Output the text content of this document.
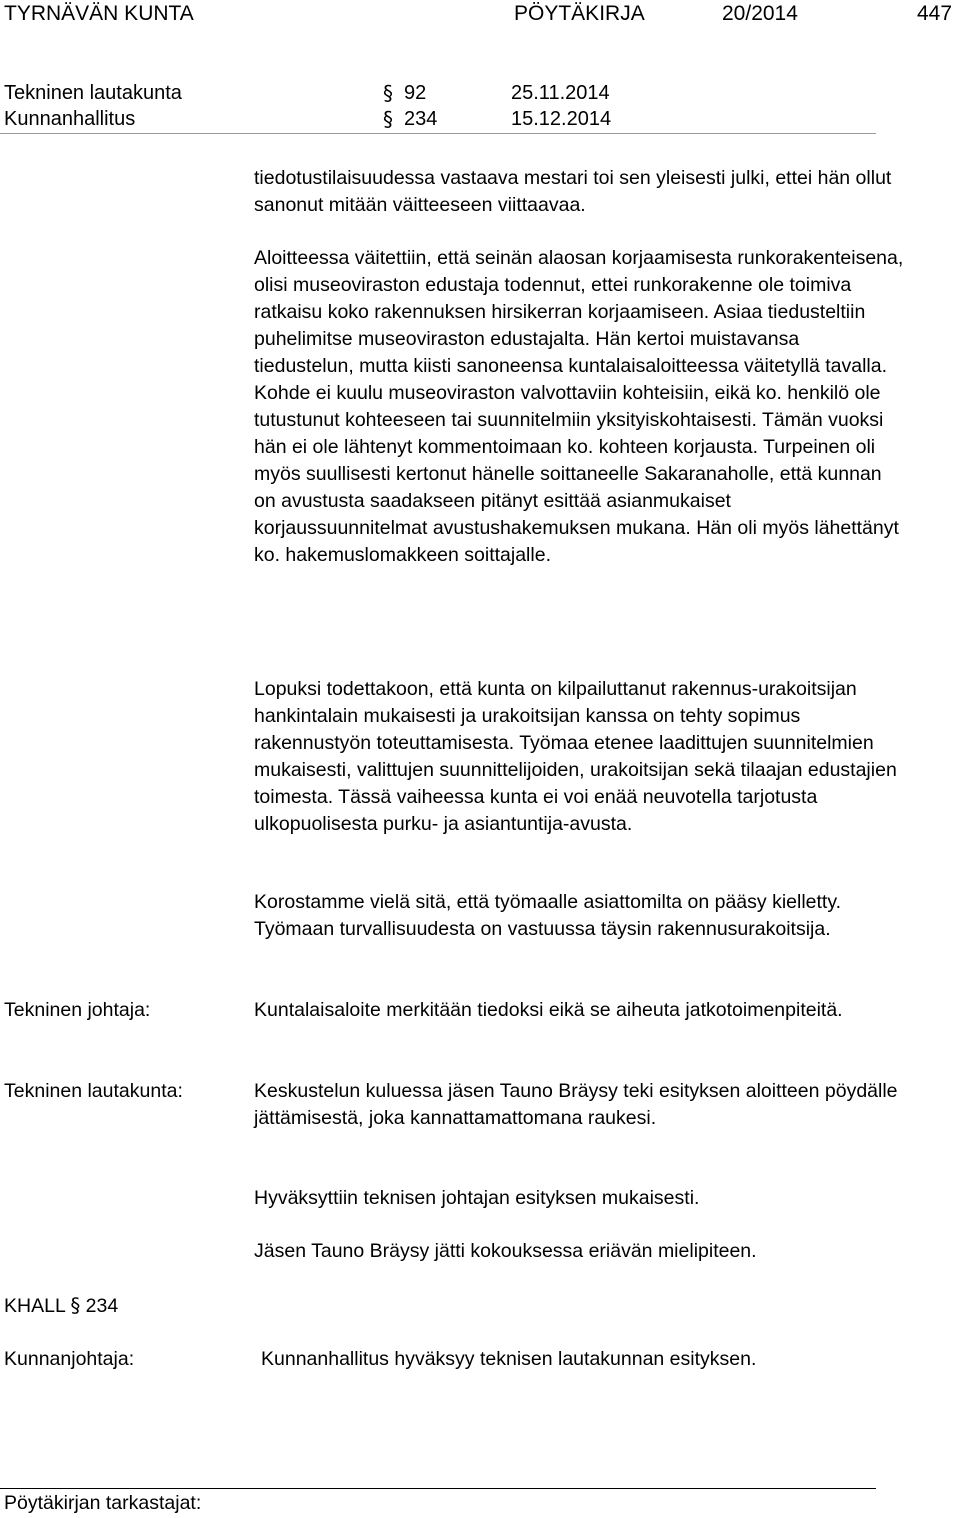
TYRNÄVÄN KUNTA	PÖYTÄKIRJA	20/2014	447
Tekninen lautakunta	§ 92	25.11.2014
Kunnanhallitus	§ 234	15.12.2014

tiedotustilaisuudessa vastaava mestari toi sen yleisesti julki, ettei hän ollut sanonut mitään väitteeseen viittaavaa.

Aloitteessa väitettiin, että seinän alaosan korjaamisesta runkorakenteisena, olisi museoviraston edustaja todennut, ettei runkorakenne ole toimiva ratkaisu koko rakennuksen hirsikerran korjaamiseen. Asiaa tiedusteltiin puhelimitse museoviraston edustajalta. Hän kertoi muistavansa tiedustelun, mutta kiisti sanoneensa kuntalaisaloitteessa väitetyllä tavalla. Kohde ei kuulu museoviraston valvottaviin kohteisiin, eikä ko. henkilö ole tutustunut kohteeseen tai suunnitelmiin yksityiskohtaisesti. Tämän vuoksi hän ei ole lähtenyt kommentoimaan ko. kohteen korjausta. Turpeinen oli myös suullisesti kertonut hänelle soittaneelle Sakaranaholle, että kunnan on avustusta saadakseen pitänyt esittää asianmukaiset korjaussuunnitelmat avustushakemuksen mukana. Hän oli myös lähettänyt ko. hakemuslomakkeen soittajalle.

Lopuksi todettakoon, että kunta on kilpailuttanut rakennus-urakoitsijan hankintalain mukaisesti ja urakoitsijan kanssa on tehty sopimus rakennustyön toteuttamisesta. Työmaa etenee laadittujen suunnitelmien mukaisesti, valittujen suunnittelijoiden, urakoitsijan sekä tilaajan edustajien toimesta. Tässä vaiheessa kunta ei voi enää neuvotella tarjotusta ulkopuolisesta purku- ja asiantuntija-avusta.

Korostamme vielä sitä, että työmaalle asiattomilta on pääsy kielletty. Työmaan turvallisuudesta on vastuussa täysin rakennusurakoitsija.

Tekninen johtaja:	Kuntalaisaloite merkitään tiedoksi eikä se aiheuta jatkotoimenpiteitä.

Tekninen lautakunta:	Keskustelun kuluessa jäsen Tauno Bräysy teki esityksen aloitteen pöydälle jättämisestä, joka kannattamattomana raukesi.

Hyväksyttiin teknisen johtajan esityksen mukaisesti.

Jäsen Tauno Bräysy jätti kokouksessa eriävän mielipiteen.

KHALL § 234
Kunnanjohtaja:	Kunnanhallitus hyväksyy teknisen lautakunnan esityksen.

Pöytäkirjan tarkastajat:
